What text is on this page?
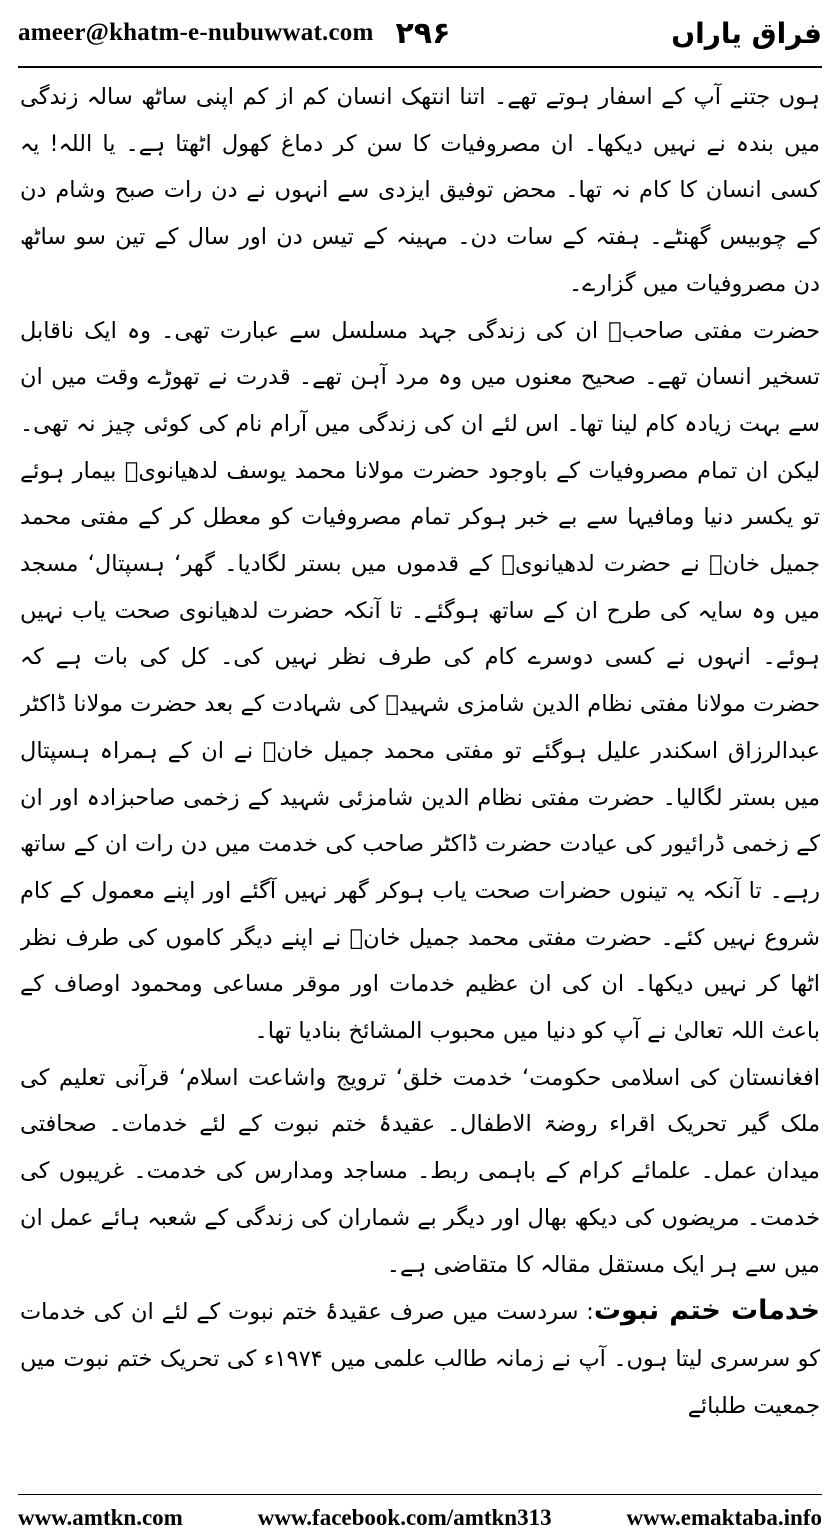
ameer@khatm-e-nubuwwat.com ۲۹۶	فراق یاراں

ہوں جتنے آپ کے اسفار ہوتے تھے۔ اتنا انتھک انسان کم از کم اپنی ساٹھ سالہ زندگی میں بندہ نے نہیں دیکھا۔ ان مصروفیات کا سن کر دماغ کھول اٹھتا ہے۔ یا اللہ! یہ کسی انسان کا کام نہ تھا۔ محض توفیق ایزدی سے انہوں نے دن رات صبح وشام دن کے چوبیس گھنٹے۔ ہفتہ کے سات دن۔ مہینہ کے تیس دن اور سال کے تین سو ساٹھ دن مصروفیات میں گزارے۔

حضرت مفتی صاحبؒ ان کی زندگی جہد مسلسل سے عبارت تھی۔ وہ ایک ناقابل تسخیر انسان تھے۔ صحیح معنوں میں وہ مرد آہن تھے۔ قدرت نے تھوڑے وقت میں ان سے بہت زیادہ کام لینا تھا۔ اس لئے ان کی زندگی میں آرام نام کی کوئی چیز نہ تھی۔ لیکن ان تمام مصروفیات کے باوجود حضرت مولانا محمد یوسف لدھیانویؒ بیمار ہوئے تو یکسر دنیا ومافیہا سے بے خبر ہوکر تمام مصروفیات کو معطل کر کے مفتی محمد جمیل خانؒ نے حضرت لدھیانویؒ کے قدموں میں بستر لگادیا۔ گھر‘ ہسپتال‘ مسجد میں وہ سایہ کی طرح ان کے ساتھ ہوگئے۔ تا آنکہ حضرت لدھیانوی صحت یاب نہیں ہوئے۔ انہوں نے کسی دوسرے کام کی طرف نظر نہیں کی۔ کل کی بات ہے کہ حضرت مولانا مفتی نظام الدین شامزی شہیدؒ کی شہادت کے بعد حضرت مولانا ڈاکٹر عبدالرزاق اسکندر علیل ہوگئے تو مفتی محمد جمیل خانؒ نے ان کے ہمراہ ہسپتال میں بستر لگالیا۔ حضرت مفتی نظام الدین شامزئی شہید کے زخمی صاحبزادہ اور ان کے زخمی ڈرائیور کی عیادت حضرت ڈاکٹر صاحب کی خدمت میں دن رات ان کے ساتھ رہے۔ تا آنکہ یہ تینوں حضرات صحت یاب ہوکر گھر نہیں آگئے اور اپنے معمول کے کام شروع نہیں کئے۔ حضرت مفتی محمد جمیل خانؒ نے اپنے دیگر کاموں کی طرف نظر اٹھا کر نہیں دیکھا۔ ان کی ان عظیم خدمات اور موقر مساعی ومحمود اوصاف کے باعث اللہ تعالیٰ نے آپ کو دنیا میں محبوب المشائخ بنادیا تھا۔

افغانستان کی اسلامی حکومت‘ خدمت خلق‘ ترویج واشاعت اسلام‘ قرآنی تعلیم کی ملک گیر تحریک اقراء روضۃ الاطفال۔ عقیدۂ ختم نبوت کے لئے خدمات۔ صحافتی میدان عمل۔ علمائے کرام کے باہمی ربط۔ مساجد ومدارس کی خدمت۔ غریبوں کی خدمت۔ مریضوں کی دیکھ بھال اور دیگر بے شماران کی زندگی کے شعبہ ہائے عمل ان میں سے ہر ایک مستقل مقالہ کا متقاضی ہے۔

خدمات ختم نبوت: سردست میں صرف عقیدۂ ختم نبوت کے لئے ان کی خدمات کو سرسری لیتا ہوں۔ آپ نے زمانہ طالب علمی میں ۱۹۷۴ء کی تحریک ختم نبوت میں جمعیت طلبائے

www.amtkn.com	www.facebook.com/amtkn313	www.emaktaba.info
